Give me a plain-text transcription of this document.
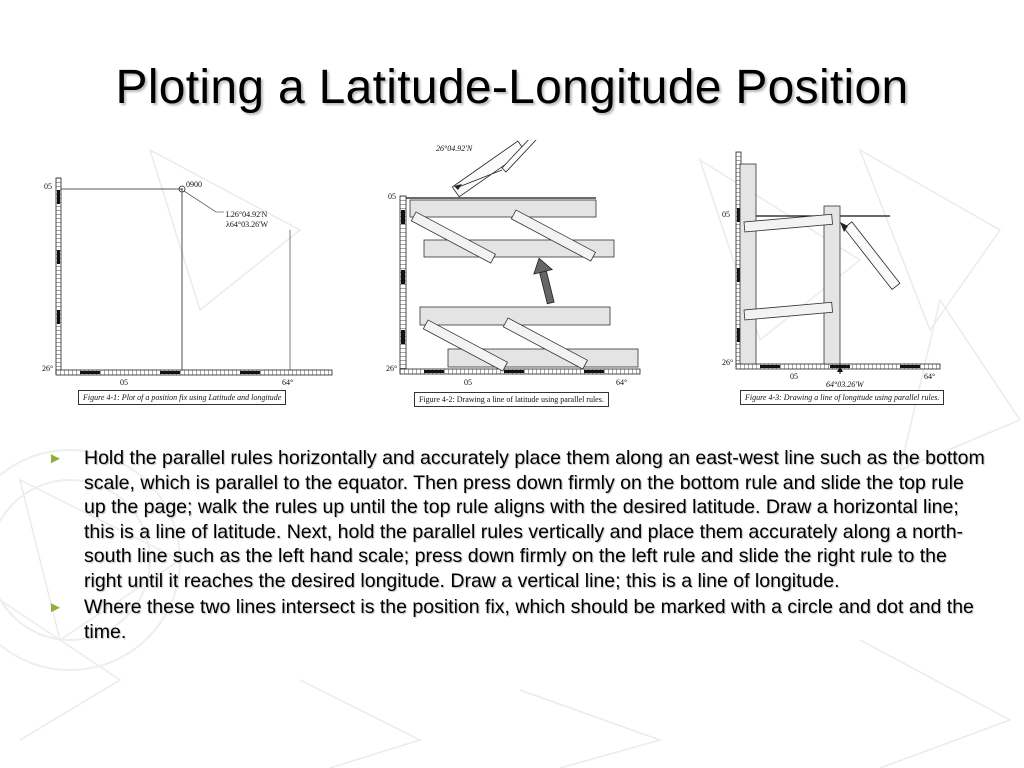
Ploting a Latitude-Longitude Position
05
26°
05	64°
0900
L26°04.92'N
λ64°03.26'W
Figure 4-1: Plot of a position fix using Latitude and longitude
26°04.92'N
05
26°
05	64°
Figure 4-2: Drawing a line of latitude using parallel rules.
05
26°
05
64°03.26'W
64°
Figure 4-3: Drawing a line of longitude using parallel rules.
► Hold the parallel rules horizontally and accurately place them along an east-west line such as the bottom scale, which is parallel to the equator. Then press down firmly on the bottom rule and slide the top rule up the page; walk the rules up until the top rule aligns with the desired latitude. Draw a horizontal line; this is a line of latitude. Next, hold the parallel rules vertically and place them accurately along a north-south line such as the left hand scale; press down firmly on the left rule and slide the right rule to the right until it reaches the desired longitude. Draw a vertical line; this is a line of longitude.
► Where these two lines intersect is the position fix, which should be marked with a circle and dot and the time.
